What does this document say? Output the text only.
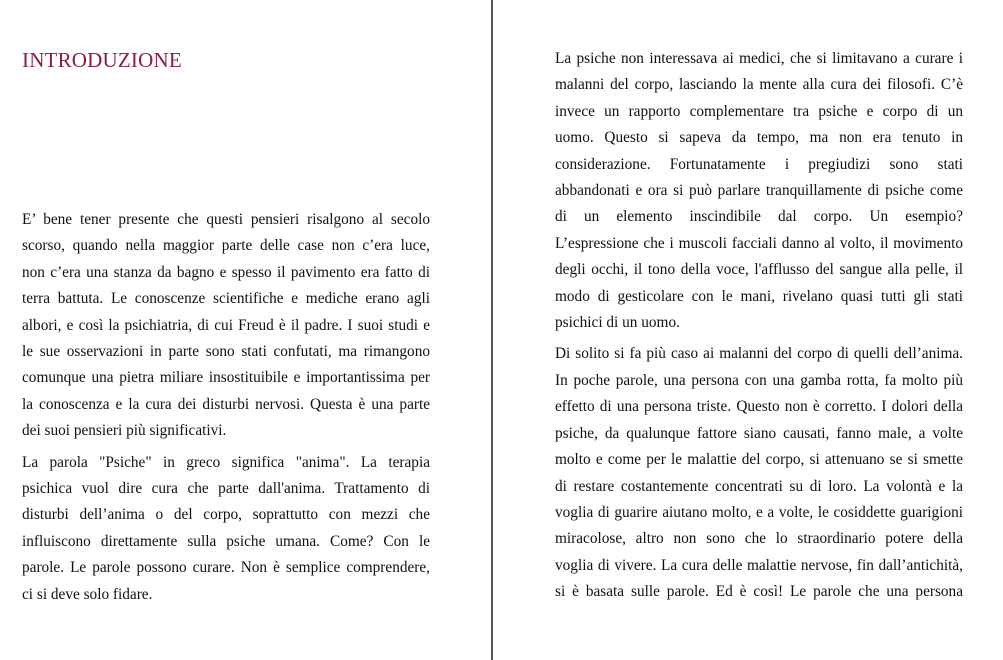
INTRODUZIONE

E’ bene tener presente che questi pensieri risalgono al secolo
scorso, quando nella maggior parte delle case non c’era luce,
non c’era una stanza da bagno e spesso il pavimento era fatto di
terra battuta. Le conoscenze scientifiche e mediche erano agli
albori, e così la psichiatria, di cui Freud è il padre. I suoi studi e
le sue osservazioni in parte sono stati confutati, ma rimangono
comunque una pietra miliare insostituibile e importantissima per
la conoscenza e la cura dei disturbi nervosi. Questa è una parte
dei suoi pensieri più significativi.

La parola "Psiche" in greco significa "anima". La terapia
psichica vuol dire cura che parte dall'anima. Trattamento di
disturbi dell’anima o del corpo, soprattutto con mezzi che
influiscono direttamente sulla psiche umana. Come? Con le
parole. Le parole possono curare. Non è semplice comprendere,
ci si deve solo fidare.

La psiche non interessava ai medici, che si limitavano a curare i
malanni del corpo, lasciando la mente alla cura dei filosofi. C’è
invece un rapporto complementare tra psiche e corpo di un
uomo. Questo si sapeva da tempo, ma non era tenuto in
considerazione. Fortunatamente i pregiudizi sono stati
abbandonati e ora si può parlare tranquillamente di psiche come
di un elemento inscindibile dal corpo. Un esempio?
L’espressione che i muscoli facciali danno al volto, il movimento
degli occhi, il tono della voce, l'afflusso del sangue alla pelle, il
modo di gesticolare con le mani, rivelano quasi tutti gli stati
psichici di un uomo.

Di solito si fa più caso ai malanni del corpo di quelli dell’anima.
In poche parole, una persona con una gamba rotta, fa molto più
effetto di una persona triste. Questo non è corretto. I dolori della
psiche, da qualunque fattore siano causati, fanno male, a volte
molto e come per le malattie del corpo, si attenuano se si smette
di restare costantemente concentrati su di loro. La volontà e la
voglia di guarire aiutano molto, e a volte, le cosiddette guarigioni
miracolose, altro non sono che lo straordinario potere della
voglia di vivere. La cura delle malattie nervose, fin dall’antichità,
si è basata sulle parole. Ed è così! Le parole che una persona
